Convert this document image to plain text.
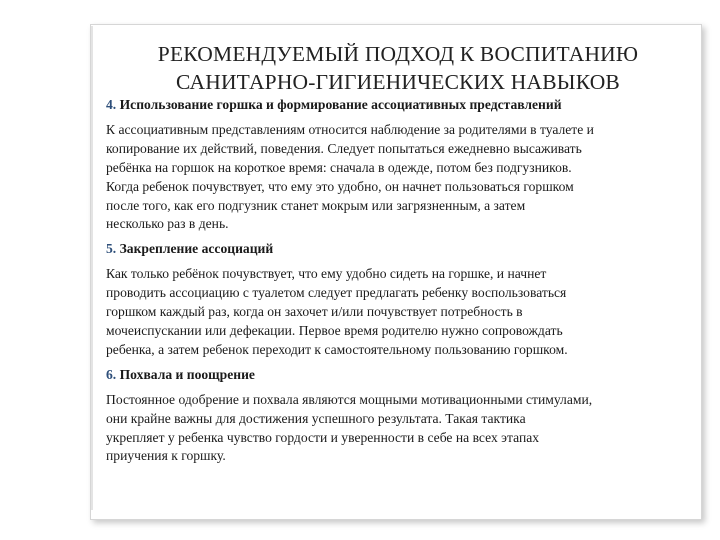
РЕКОМЕНДУЕМЫЙ ПОДХОД К ВОСПИТАНИЮ
САНИТАРНО-ГИГИЕНИЧЕСКИХ НАВЫКОВ
4. Использование горшка и формирование ассоциативных представлений
К ассоциативным представлениям относится наблюдение за родителями в туалете и
копирование их действий, поведения. Следует попытаться ежедневно высаживать
ребёнка на горшок на короткое время: сначала в одежде, потом без подгузников.
Когда ребенок почувствует, что ему это удобно, он начнет пользоваться горшком
после того, как его подгузник станет мокрым или загрязненным, а затем
несколько раз в день.
5. Закрепление ассоциаций
Как только ребёнок почувствует, что ему удобно сидеть на горшке, и начнет
проводить ассоциацию с туалетом следует предлагать ребенку воспользоваться
горшком каждый раз, когда он захочет и/или почувствует потребность в
мочеиспускании или дефекации. Первое время родителю нужно сопровождать
ребенка, а затем ребенок переходит к самостоятельному пользованию горшком.
6. Похвала и поощрение
Постоянное одобрение и похвала являются мощными мотивационными стимулами,
они крайне важны для достижения успешного результата. Такая тактика
укрепляет у ребенка чувство гордости и уверенности в себе на всех этапах
приучения к горшку.
